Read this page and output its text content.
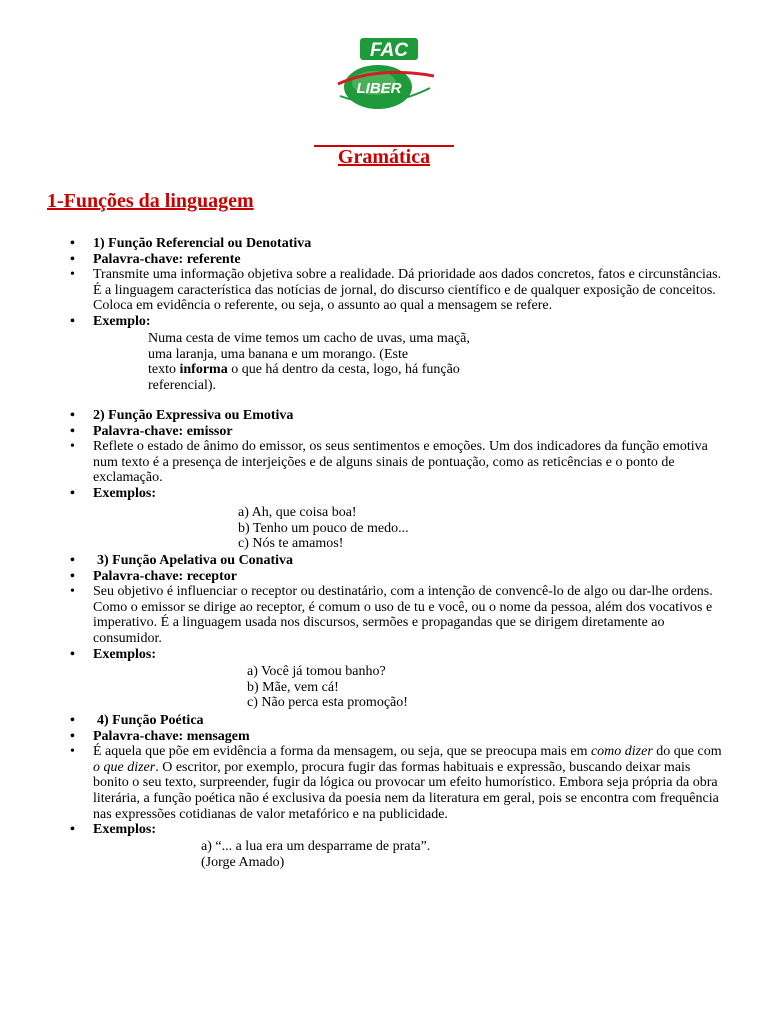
FAC
LIBER
Gramática
1-Funções da linguagem
• 1) Função Referencial ou Denotativa
• Palavra-chave: referente
• Transmite uma informação objetiva sobre a realidade. Dá prioridade aos dados concretos, fatos e circunstâncias. É a linguagem característica das notícias de jornal, do discurso científico e de qualquer exposição de conceitos. Coloca em evidência o referente, ou seja, o assunto ao qual a mensagem se refere.
• Exemplo:
Numa cesta de vime temos um cacho de uvas, uma maçã,
uma laranja, uma banana e um morango. (Este
texto informa o que há dentro da cesta, logo, há função
referencial).
• 2) Função Expressiva ou Emotiva
• Palavra-chave: emissor
• Reflete o estado de ânimo do emissor, os seus sentimentos e emoções. Um dos indicadores da função emotiva num texto é a presença de interjeições e de alguns sinais de pontuação, como as reticências e o ponto de exclamação.
• Exemplos:
a) Ah, que coisa boa!
b) Tenho um pouco de medo...
c) Nós te amamos!
• 3) Função Apelativa ou Conativa
• Palavra-chave: receptor
• Seu objetivo é influenciar o receptor ou destinatário, com a intenção de convencê-lo de algo ou dar-lhe ordens. Como o emissor se dirige ao receptor, é comum o uso de tu e você, ou o nome da pessoa, além dos vocativos e imperativo. É a linguagem usada nos discursos, sermões e propagandas que se dirigem diretamente ao consumidor.
• Exemplos:
a) Você já tomou banho?
b) Mãe, vem cá!
c) Não perca esta promoção!
• 4) Função Poética
• Palavra-chave: mensagem
• É aquela que põe em evidência a forma da mensagem, ou seja, que se preocupa mais em como dizer do que com o que dizer. O escritor, por exemplo, procura fugir das formas habituais e expressão, buscando deixar mais bonito o seu texto, surpreender, fugir da lógica ou provocar um efeito humorístico. Embora seja própria da obra literária, a função poética não é exclusiva da poesia nem da literatura em geral, pois se encontra com frequência nas expressões cotidianas de valor metafórico e na publicidade.
• Exemplos:
a) “... a lua era um desparrame de prata”.
(Jorge Amado)
